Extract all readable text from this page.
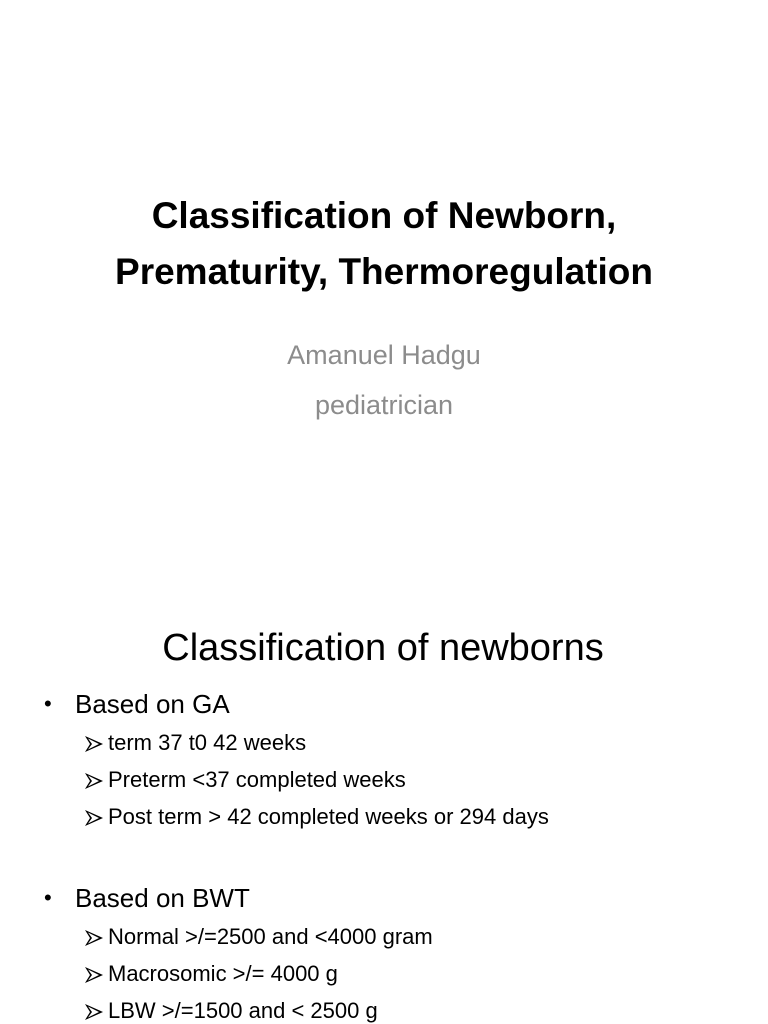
Classification of Newborn,
Prematurity, Thermoregulation
Amanuel Hadgu
pediatrician
Classification of newborns
• Based on GA
term 37 t0 42 weeks
Preterm <37 completed weeks
Post term > 42 completed weeks or 294 days
• Based on BWT
Normal >/=2500 and <4000 gram
Macrosomic >/= 4000 g
LBW >/=1500 and < 2500 g
